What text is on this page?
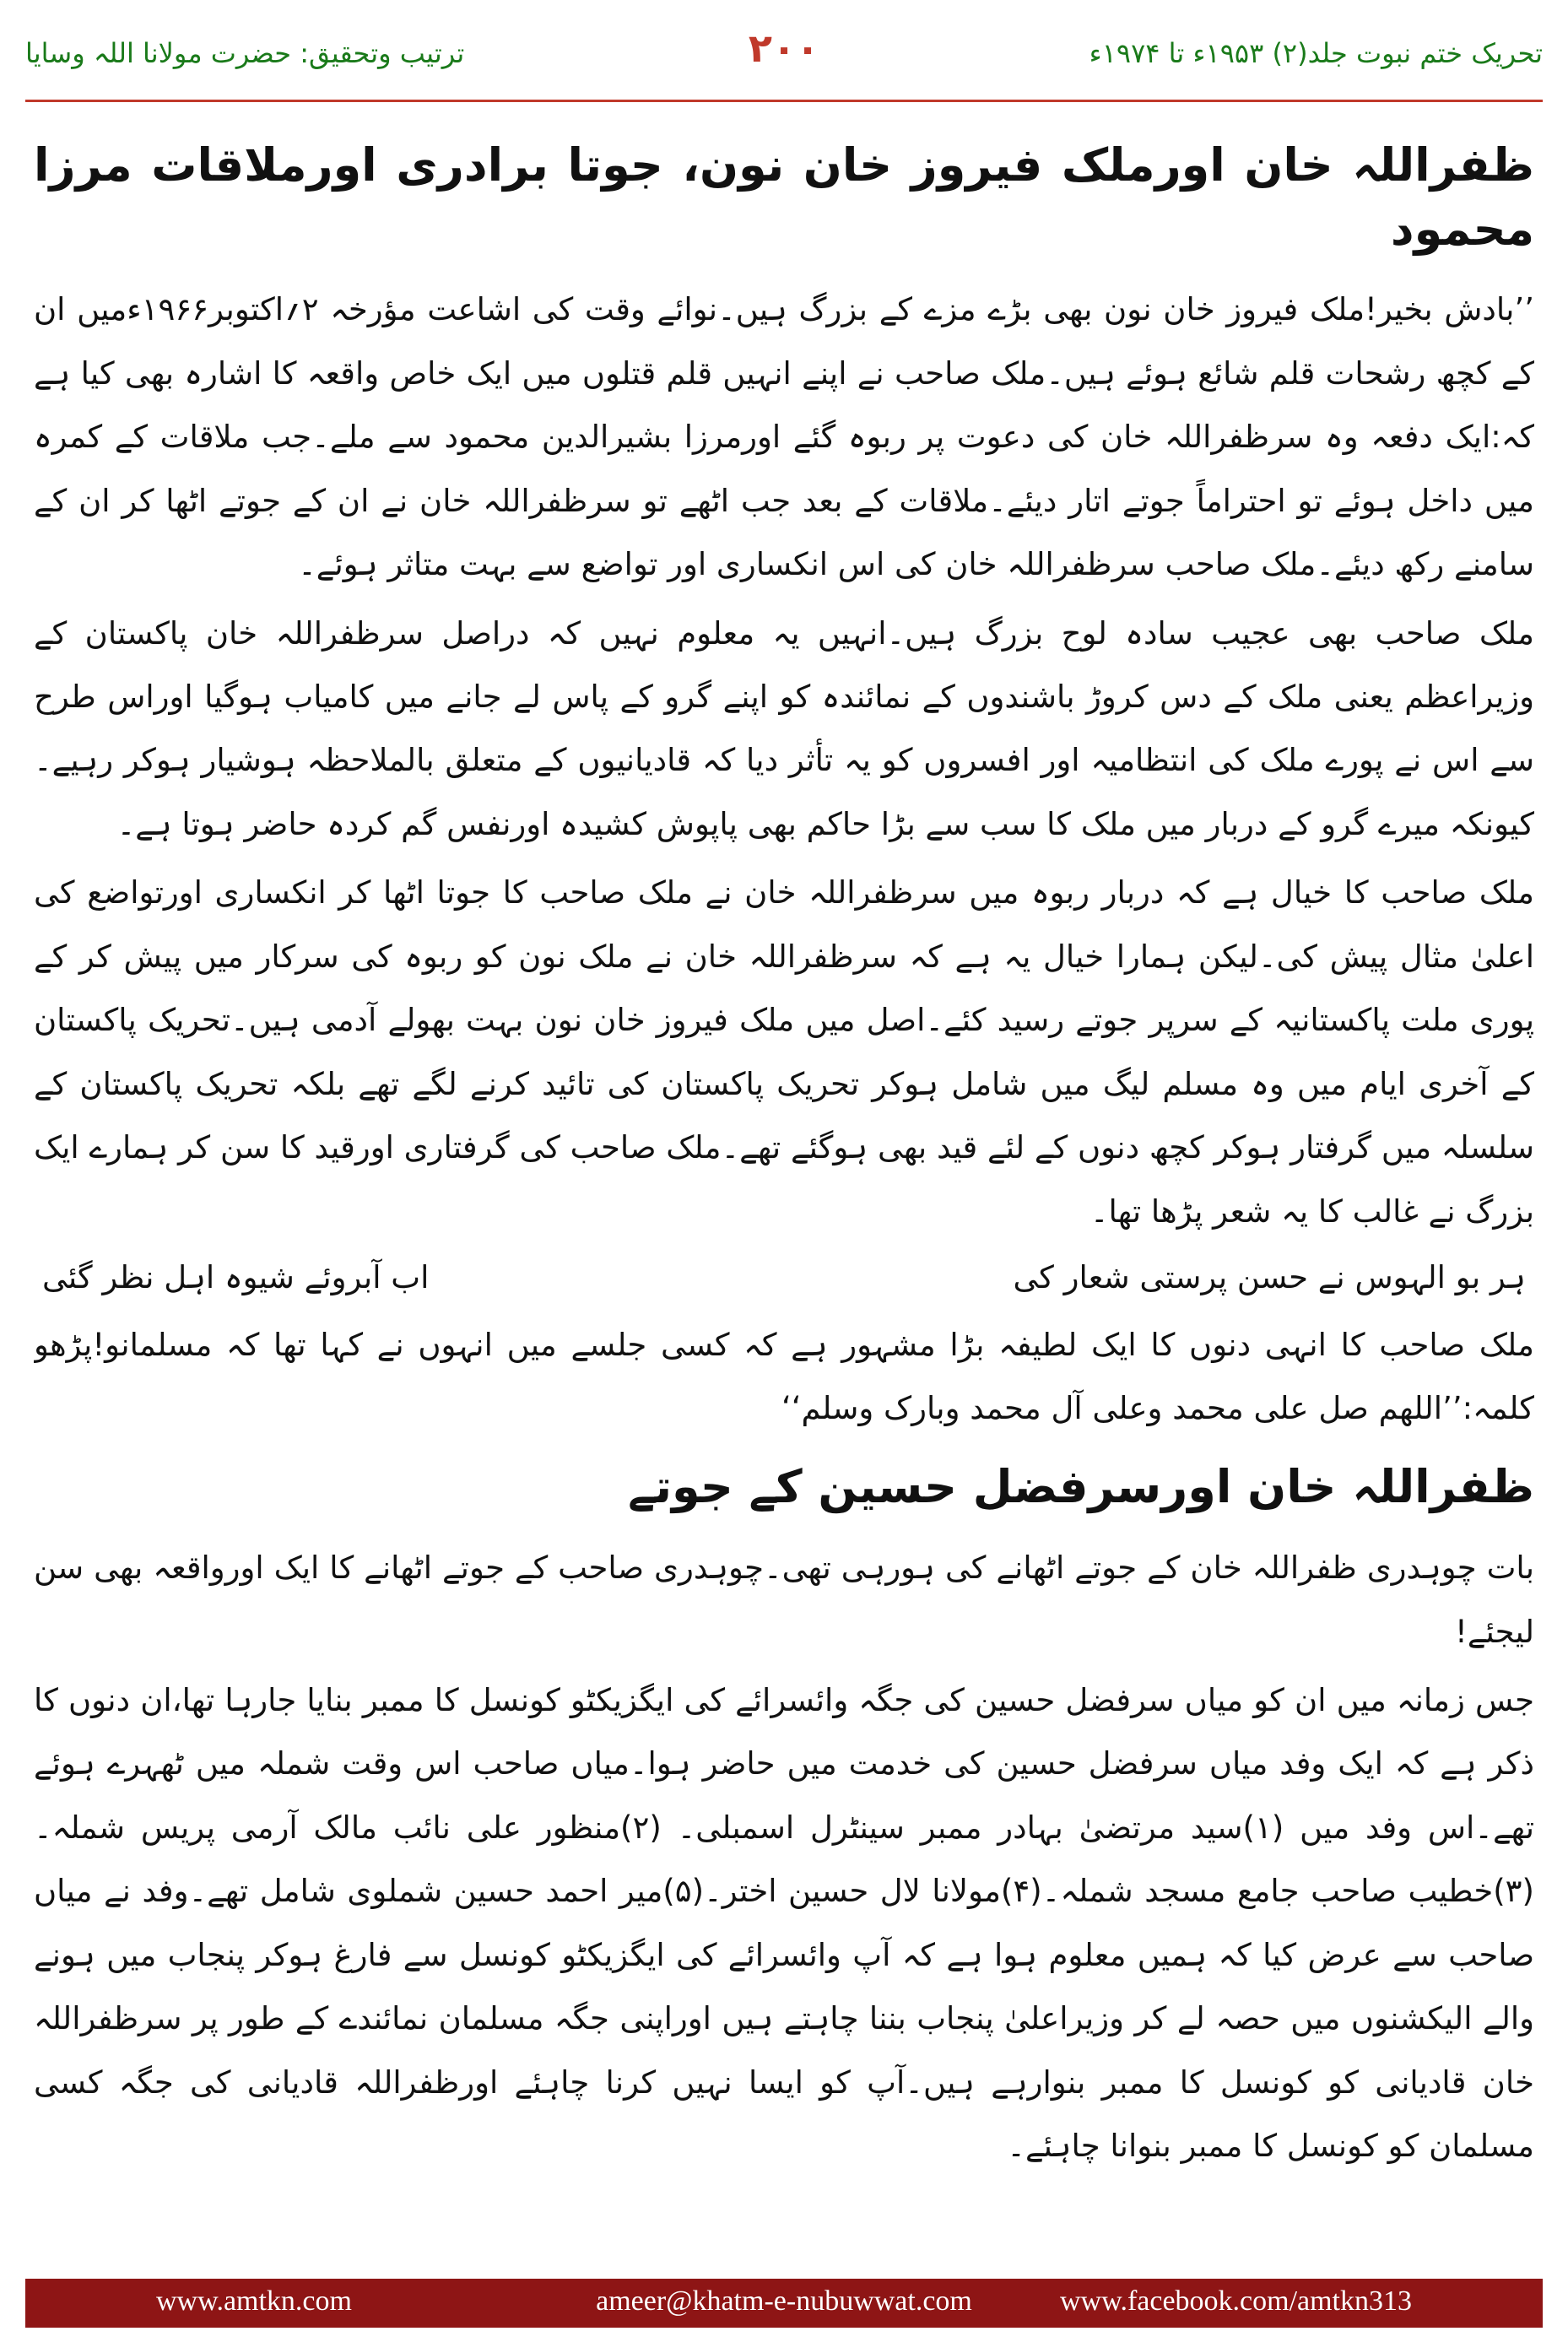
تحریک ختم نبوت جلد(۲) ۱۹۵۳ء تا ۱۹۷۴ء
۲۰۰
ترتیب وتحقیق: حضرت مولانا اللہ وسایا
ظفراللہ خان اورملک فیروز خان نون، جوتا برادری اورملاقات مرزا محمود

’’بادش بخیر!ملک فیروز خان نون بھی بڑے مزے کے بزرگ ہیں۔نوائے وقت کی اشاعت مؤرخہ ۲؍اکتوبر۱۹۶۶ءمیں ان کے کچھ رشحات قلم شائع ہوئے ہیں۔ملک صاحب نے اپنے انہیں قلم قتلوں میں ایک خاص واقعہ کا اشارہ بھی کیا ہے کہ:ایک دفعہ وہ سرظفراللہ خان کی دعوت پر ربوہ گئے اورمرزا بشیرالدین محمود سے ملے۔جب ملاقات کے کمرہ میں داخل ہوئے تو احتراماً جوتے اتار دیئے۔ملاقات کے بعد جب اٹھے تو سرظفراللہ خان نے ان کے جوتے اٹھا کر ان کے سامنے رکھ دیئے۔ملک صاحب سرظفراللہ خان کی اس انکساری اور تواضع سے بہت متاثر ہوئے۔

ملک صاحب بھی عجیب سادہ لوح بزرگ ہیں۔انہیں یہ معلوم نہیں کہ دراصل سرظفراللہ خان پاکستان کے وزیراعظم یعنی ملک کے دس کروڑ باشندوں کے نمائندہ کو اپنے گرو کے پاس لے جانے میں کامیاب ہوگیا اوراس طرح سے اس نے پورے ملک کی انتظامیہ اور افسروں کو یہ تأثر دیا کہ قادیانیوں کے متعلق بالملاحظہ ہوشیار ہوکر رہیے۔کیونکہ میرے گرو کے دربار میں ملک کا سب سے بڑا حاکم بھی پاپوش کشیدہ اورنفس گم کردہ حاضر ہوتا ہے۔

ملک صاحب کا خیال ہے کہ دربار ربوہ میں سرظفراللہ خان نے ملک صاحب کا جوتا اٹھا کر انکساری اورتواضع کی اعلیٰ مثال پیش کی۔لیکن ہمارا خیال یہ ہے کہ سرظفراللہ خان نے ملک نون کو ربوہ کی سرکار میں پیش کر کے پوری ملت پاکستانیہ کے سرپر جوتے رسید کئے۔اصل میں ملک فیروز خان نون بہت بھولے آدمی ہیں۔تحریک پاکستان کے آخری ایام میں وہ مسلم لیگ میں شامل ہوکر تحریک پاکستان کی تائید کرنے لگے تھے بلکہ تحریک پاکستان کے سلسلہ میں گرفتار ہوکر کچھ دنوں کے لئے قید بھی ہوگئے تھے۔ملک صاحب کی گرفتاری اورقید کا سن کر ہمارے ایک بزرگ نے غالب کا یہ شعر پڑھا تھا۔

ہر بو الہوس نے حسن پرستی شعار کی
اب آبروئے شیوہ اہل نظر گئی

ملک صاحب کا انہی دنوں کا ایک لطیفہ بڑا مشہور ہے کہ کسی جلسے میں انہوں نے کہا تھا کہ مسلمانو!پڑھو کلمہ:’’اللھم صل علی محمد وعلی آل محمد وبارک وسلم‘‘

ظفراللہ خان اورسرفضل حسین کے جوتے

بات چوہدری ظفراللہ خان کے جوتے اٹھانے کی ہورہی تھی۔چوہدری صاحب کے جوتے اٹھانے کا ایک اورواقعہ بھی سن لیجئے!

جس زمانہ میں ان کو میاں سرفضل حسین کی جگہ وائسرائے کی ایگزیکٹو کونسل کا ممبر بنایا جارہا تھا،ان دنوں کا ذکر ہے کہ ایک وفد میاں سرفضل حسین کی خدمت میں حاضر ہوا۔میاں صاحب اس وقت شملہ میں ٹھہرے ہوئے تھے۔اس وفد میں (۱)سید مرتضیٰ بہادر ممبر سینٹرل اسمبلی۔ (۲)منظور علی نائب مالک آرمی پریس شملہ۔(۳)خطیب صاحب جامع مسجد شملہ۔(۴)مولانا لال حسین اختر۔(۵)میر احمد حسین شملوی شامل تھے۔وفد نے میاں صاحب سے عرض کیا کہ ہمیں معلوم ہوا ہے کہ آپ وائسرائے کی ایگزیکٹو کونسل سے فارغ ہوکر پنجاب میں ہونے والے الیکشنوں میں حصہ لے کر وزیراعلیٰ پنجاب بننا چاہتے ہیں اوراپنی جگہ مسلمان نمائندے کے طور پر سرظفراللہ خان قادیانی کو کونسل کا ممبر بنوارہے ہیں۔آپ کو ایسا نہیں کرنا چاہئے اورظفراللہ قادیانی کی جگہ کسی مسلمان کو کونسل کا ممبر بنوانا چاہئے۔

www.amtkn.com	ameer@khatm-e-nubuwwat.com	www.facebook.com/amtkn313
